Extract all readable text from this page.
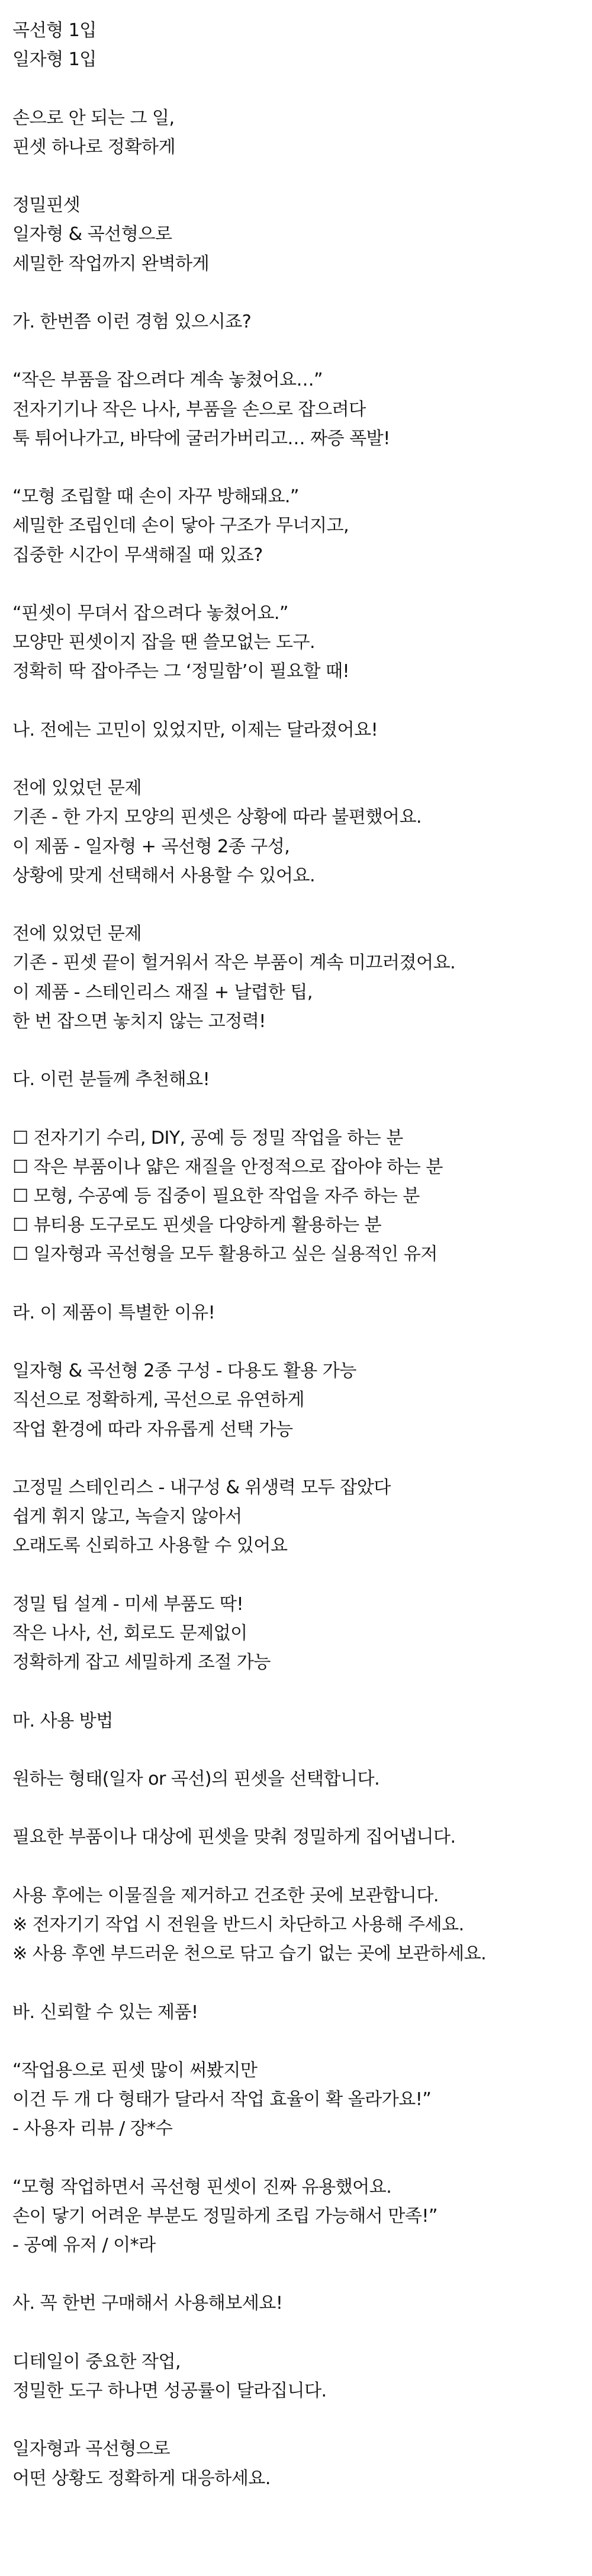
곡선형 1입

일자형 1입

손으로 안 되는 그 일,

핀셋 하나로 정확하게

정밀핀셋

일자형 & 곡선형으로

세밀한 작업까지 완벽하게

가. 한번쯤 이런 경험 있으시죠?

“작은 부품을 잡으려다 계속 놓쳤어요…”

전자기기나 작은 나사, 부품을 손으로 잡으려다

툭 튀어나가고, 바닥에 굴러가버리고… 짜증 폭발!

“모형 조립할 때 손이 자꾸 방해돼요.”

세밀한 조립인데 손이 닿아 구조가 무너지고,

집중한 시간이 무색해질 때 있죠?

“핀셋이 무뎌서 잡으려다 놓쳤어요.”

모양만 핀셋이지 잡을 땐 쓸모없는 도구.

정확히 딱 잡아주는 그 ‘정밀함’이 필요할 때!

나. 전에는 고민이 있었지만, 이제는 달라졌어요!

전에 있었던 문제

기존 - 한 가지 모양의 핀셋은 상황에 따라 불편했어요.

이 제품 - 일자형 + 곡선형 2종 구성,

상황에 맞게 선택해서 사용할 수 있어요.

전에 있었던 문제

기존 - 핀셋 끝이 헐거워서 작은 부품이 계속 미끄러졌어요.

이 제품 - 스테인리스 재질 + 날렵한 팁,

한 번 잡으면 놓치지 않는 고정력!

다. 이런 분들께 추천해요!

☐ 전자기기 수리, DIY, 공예 등 정밀 작업을 하는 분

☐ 작은 부품이나 얇은 재질을 안정적으로 잡아야 하는 분

☐ 모형, 수공예 등 집중이 필요한 작업을 자주 하는 분

☐ 뷰티용 도구로도 핀셋을 다양하게 활용하는 분

☐ 일자형과 곡선형을 모두 활용하고 싶은 실용적인 유저

라. 이 제품이 특별한 이유!

일자형 & 곡선형 2종 구성 - 다용도 활용 가능

직선으로 정확하게, 곡선으로 유연하게

작업 환경에 따라 자유롭게 선택 가능

고정밀 스테인리스 - 내구성 & 위생력 모두 잡았다

쉽게 휘지 않고, 녹슬지 않아서

오래도록 신뢰하고 사용할 수 있어요

정밀 팁 설계 - 미세 부품도 딱!

작은 나사, 선, 회로도 문제없이

정확하게 잡고 세밀하게 조절 가능

마. 사용 방법

원하는 형태(일자 or 곡선)의 핀셋을 선택합니다.

필요한 부품이나 대상에 핀셋을 맞춰 정밀하게 집어냅니다.

사용 후에는 이물질을 제거하고 건조한 곳에 보관합니다.

※ 전자기기 작업 시 전원을 반드시 차단하고 사용해 주세요.

※ 사용 후엔 부드러운 천으로 닦고 습기 없는 곳에 보관하세요.

바. 신뢰할 수 있는 제품!

“작업용으로 핀셋 많이 써봤지만

이건 두 개 다 형태가 달라서 작업 효율이 확 올라가요!”

- 사용자 리뷰 / 장*수

“모형 작업하면서 곡선형 핀셋이 진짜 유용했어요.

손이 닿기 어려운 부분도 정밀하게 조립 가능해서 만족!”

- 공예 유저 / 이*라

사. 꼭 한번 구매해서 사용해보세요!

디테일이 중요한 작업,

정밀한 도구 하나면 성공률이 달라집니다.

일자형과 곡선형으로

어떤 상황도 정확하게 대응하세요.
